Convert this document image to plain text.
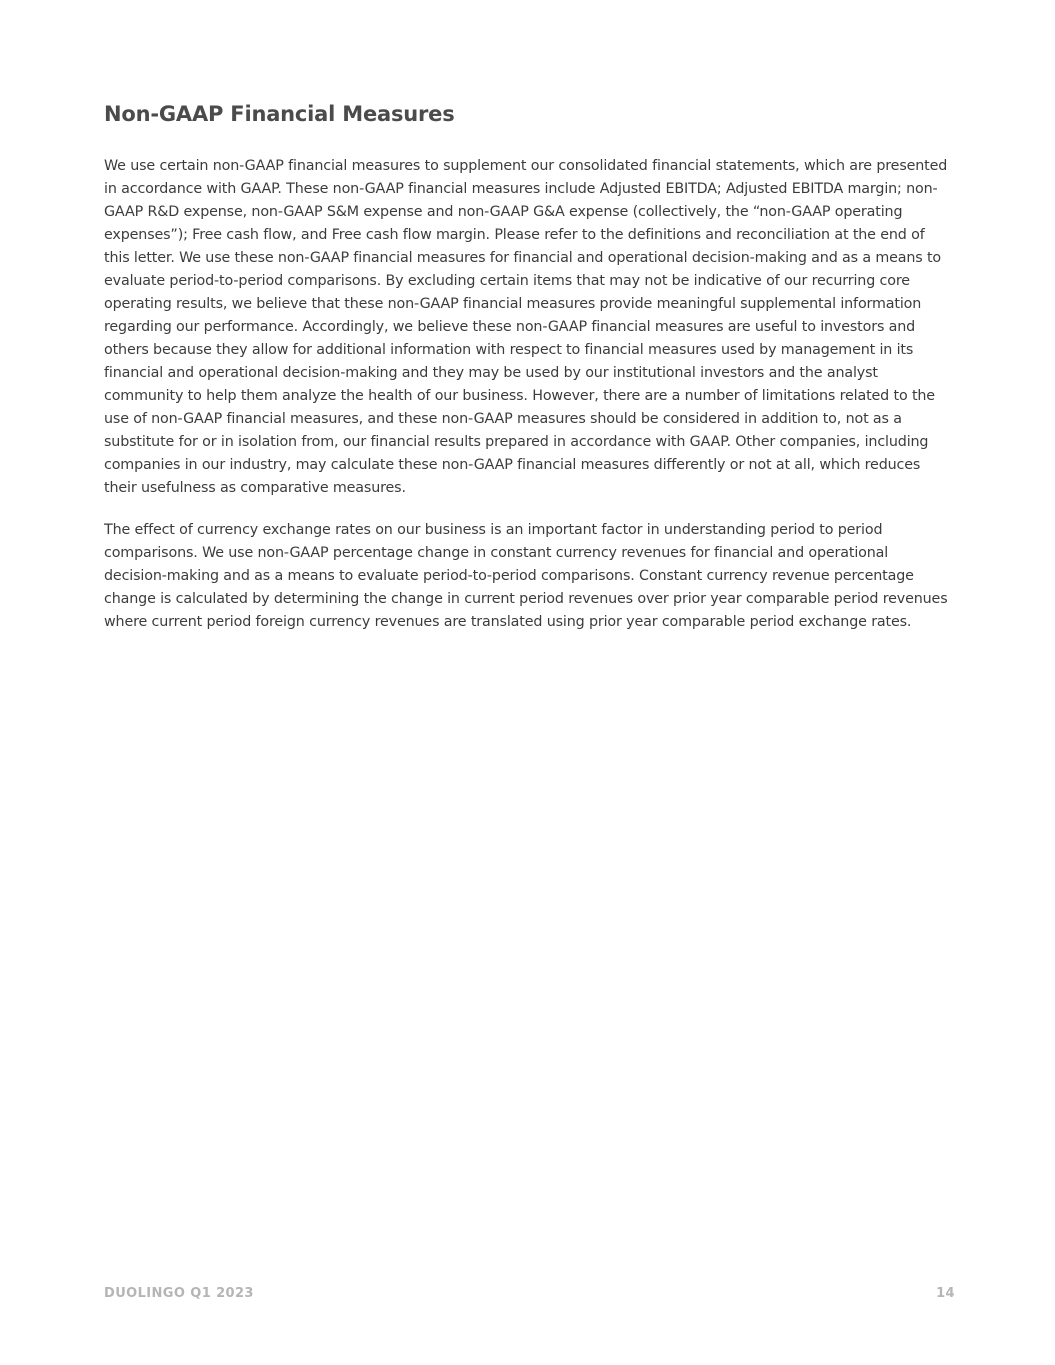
Non-GAAP Financial Measures

We use certain non-GAAP financial measures to supplement our consolidated financial statements, which are presented in accordance with GAAP. These non-GAAP financial measures include Adjusted EBITDA; Adjusted EBITDA margin; non-GAAP R&D expense, non-GAAP S&M expense and non-GAAP G&A expense (collectively, the “non-GAAP operating expenses”); Free cash flow, and Free cash flow margin. Please refer to the definitions and reconciliation at the end of this letter. We use these non-GAAP financial measures for financial and operational decision-making and as a means to evaluate period-to-period comparisons. By excluding certain items that may not be indicative of our recurring core operating results, we believe that these non-GAAP financial measures provide meaningful supplemental information regarding our performance. Accordingly, we believe these non-GAAP financial measures are useful to investors and others because they allow for additional information with respect to financial measures used by management in its financial and operational decision-making and they may be used by our institutional investors and the analyst community to help them analyze the health of our business. However, there are a number of limitations related to the use of non-GAAP financial measures, and these non-GAAP measures should be considered in addition to, not as a substitute for or in isolation from, our financial results prepared in accordance with GAAP. Other companies, including companies in our industry, may calculate these non-GAAP financial measures differently or not at all, which reduces their usefulness as comparative measures.

The effect of currency exchange rates on our business is an important factor in understanding period to period comparisons. We use non-GAAP percentage change in constant currency revenues for financial and operational decision-making and as a means to evaluate period-to-period comparisons. Constant currency revenue percentage change is calculated by determining the change in current period revenues over prior year comparable period revenues where current period foreign currency revenues are translated using prior year comparable period exchange rates.

DUOLINGO Q1 2023	14
